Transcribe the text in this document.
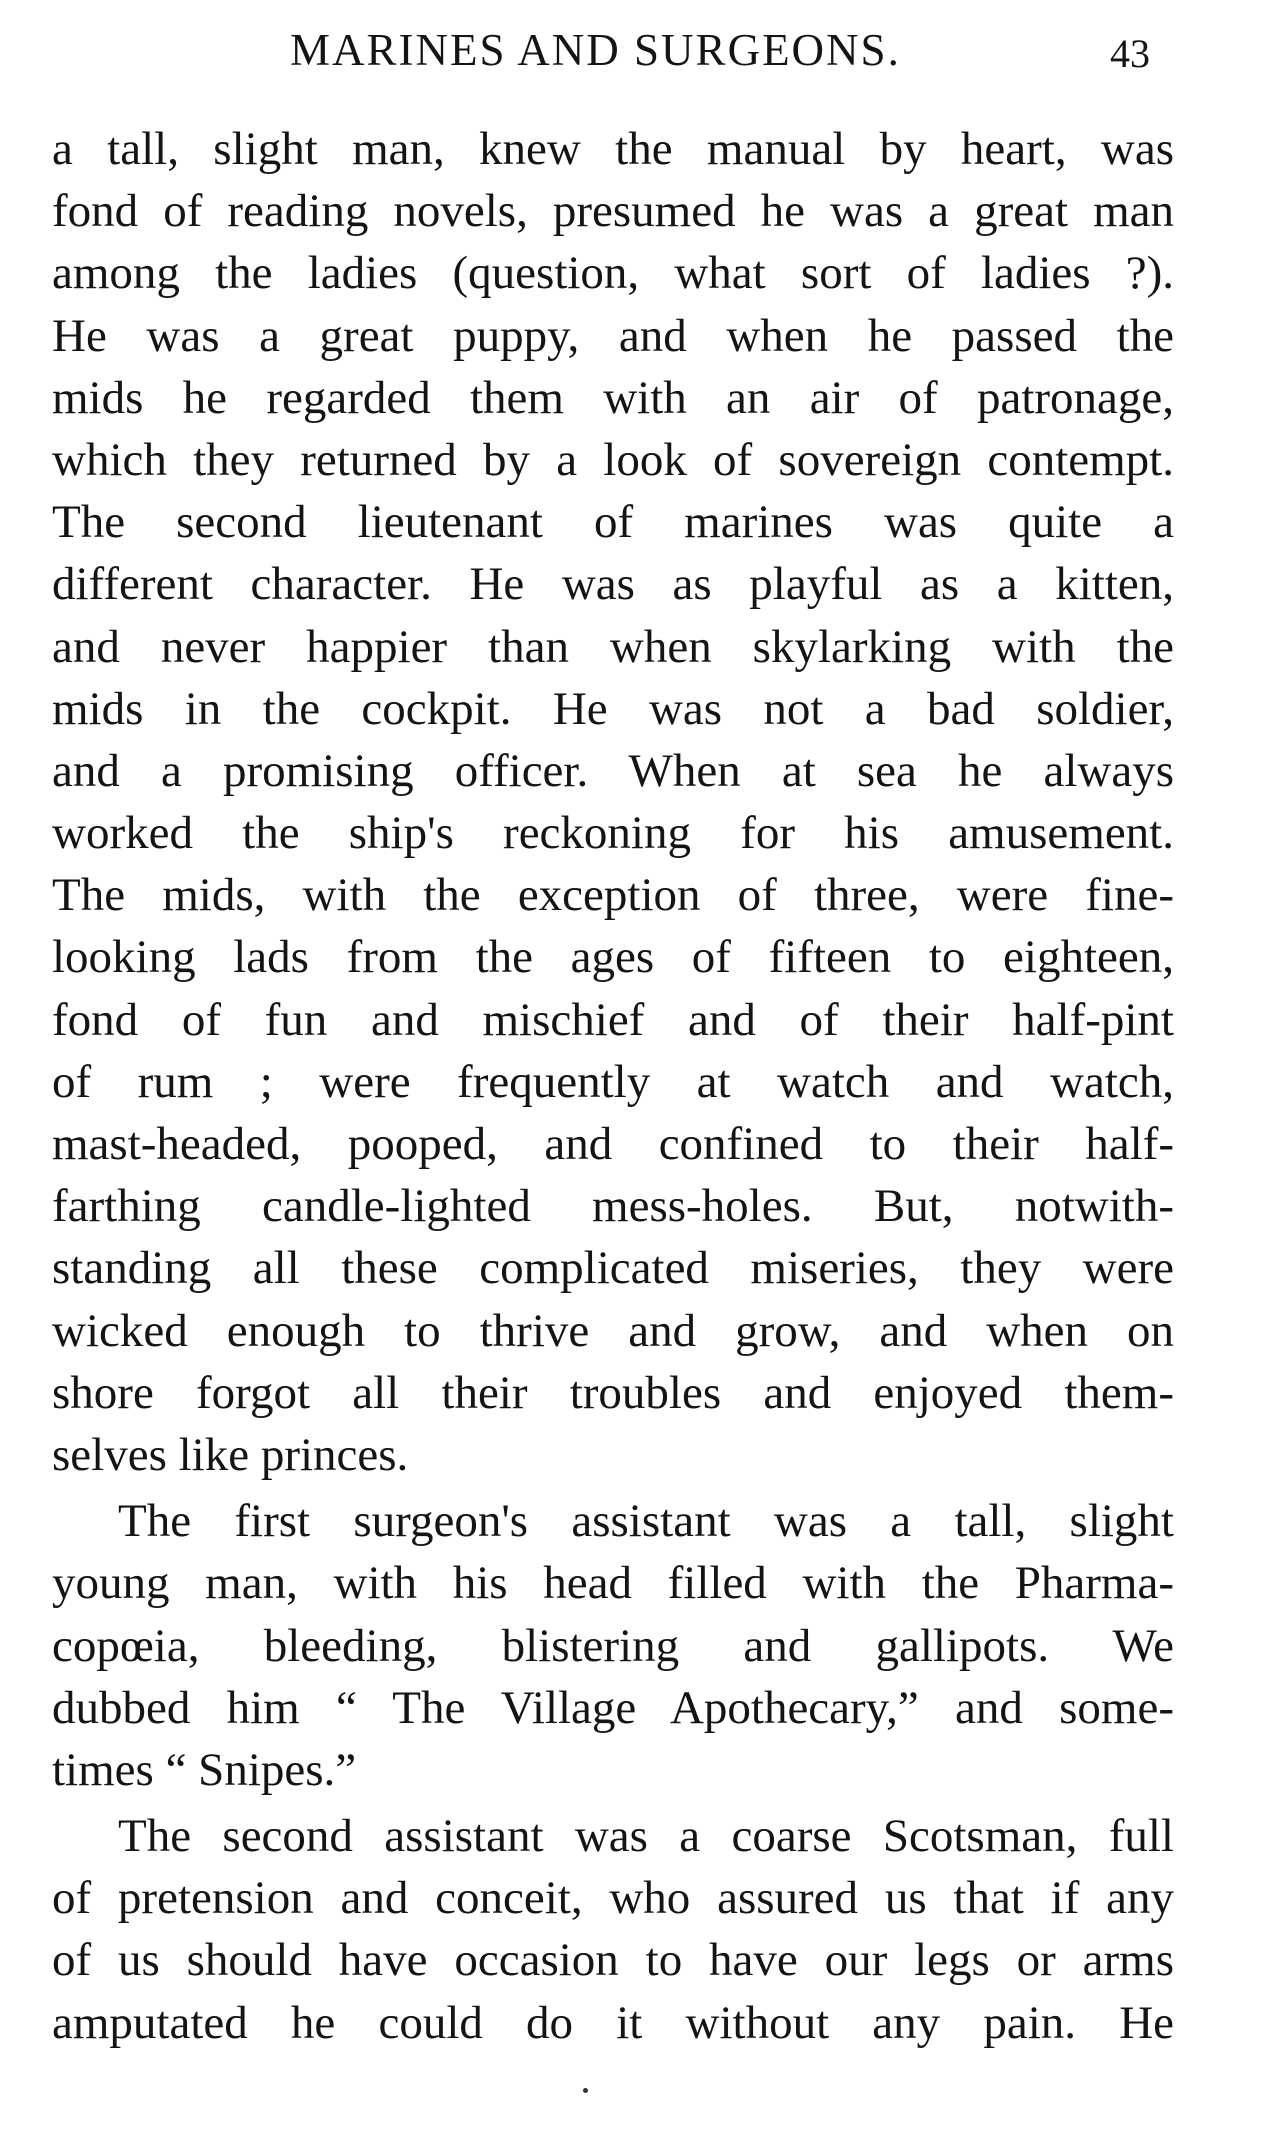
MARINES AND SURGEONS.	43
a tall, slight man, knew the manual by heart, was
fond of reading novels, presumed he was a great man
among the ladies (question, what sort of ladies ?).
He was a great puppy, and when he passed the
mids he regarded them with an air of patronage,
which they returned by a look of sovereign contempt.
The second lieutenant of marines was quite a
different character. He was as playful as a kitten,
and never happier than when skylarking with the
mids in the cockpit. He was not a bad soldier,
and a promising officer. When at sea he always
worked the ship's reckoning for his amusement.
The mids, with the exception of three, were fine-
looking lads from the ages of fifteen to eighteen,
fond of fun and mischief and of their half-pint
of rum ; were frequently at watch and watch,
mast-headed, pooped, and confined to their half-
farthing candle-lighted mess-holes. But, notwith-
standing all these complicated miseries, they were
wicked enough to thrive and grow, and when on
shore forgot all their troubles and enjoyed them-
selves like princes.
The first surgeon's assistant was a tall, slight
young man, with his head filled with the Pharma-
copœia, bleeding, blistering and gallipots. We
dubbed him “ The Village Apothecary,” and some-
times “ Snipes.”
The second assistant was a coarse Scotsman, full
of pretension and conceit, who assured us that if any
of us should have occasion to have our legs or arms
amputated he could do it without any pain. He
